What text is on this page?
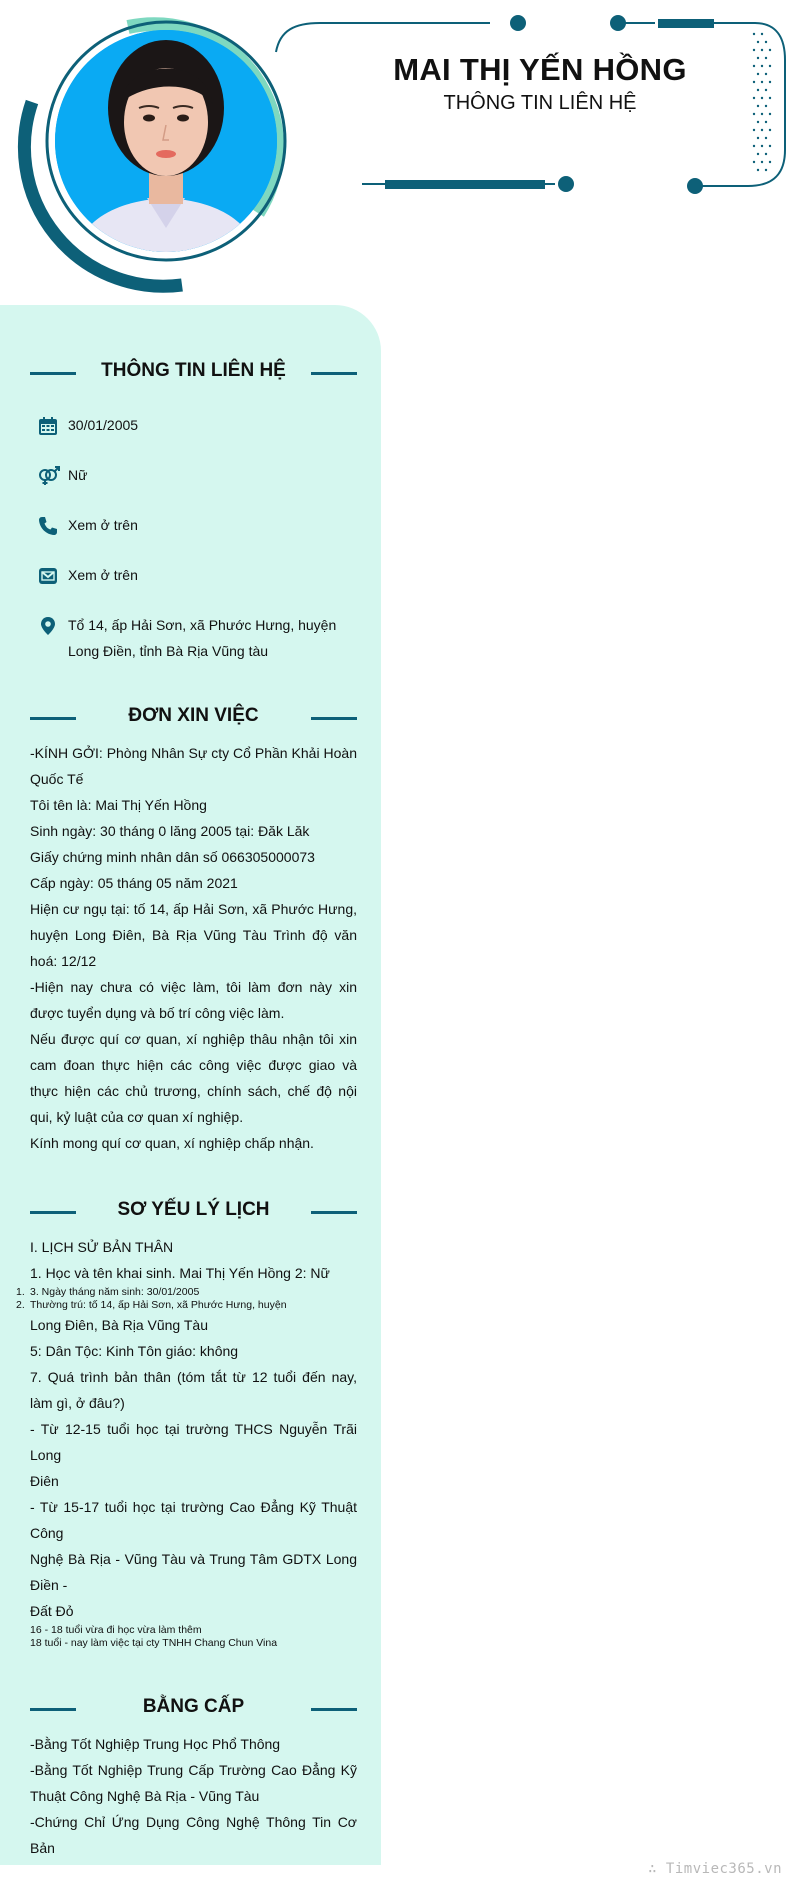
MAI THỊ YẾN HỒNG
THÔNG TIN LIÊN HỆ
THÔNG TIN LIÊN HỆ
30/01/2005
Nữ
Xem ở trên
Xem ở trên
Tổ 14, ấp Hải Sơn, xã Phước Hưng, huyện Long Điền, tỉnh Bà Rịa Vũng tàu
ĐƠN XIN VIỆC

-KÍNH GỞI: Phòng Nhân Sự cty Cổ Phần Khải Hoàn Quốc Tế

Tôi tên là: Mai Thị Yến Hồng

Sinh ngày: 30 tháng 0 lăng 2005 tại: Đăk Lăk

Giấy chứng minh nhân dân số 066305000073

Cấp ngày: 05 tháng 05 năm 2021

Hiện cư ngụ tại: tố 14, ấp Hải Sơn, xã Phước Hưng, huyện Long Điên, Bà Rịa Vũng Tàu Trình độ văn hoá: 12/12

-Hiện nay chưa có việc làm, tôi làm đơn này xin được tuyển dụng và bố trí công việc làm.

Nếu được quí cơ quan, xí nghiệp thâu nhận tôi xin cam đoan thực hiện các công việc được giao và thực hiện các chủ trương, chính sách, chế độ nội qui, kỷ luật của cơ quan xí nghiệp.

Kính mong quí cơ quan, xí nghiệp chấp nhận.

SƠ YẾU LÝ LỊCH

I. LỊCH SỬ BẢN THÂN

1. Học và tên khai sinh. Mai Thị Yến Hồng 2: Nữ

1. 3. Ngày tháng năm sinh: 30/01/2005
2. Thường trú: tố 14, ấp Hải Sơn, xã Phước Hưng, huyện

Long Điên, Bà Rịa Vũng Tàu

5: Dân Tộc: Kinh Tôn giáo: không

7. Quá trình bản thân (tóm tắt từ 12 tuổi đến nay, làm gì, ở đâu?)

- Từ 12-15 tuổi học tại trường THCS Nguyễn Trãi Long

Điên

- Từ 15-17 tuổi học tại trường Cao Đẳng Kỹ Thuật Công

Nghệ Bà Rịa - Vũng Tàu và Trung Tâm GDTX Long Điền -

Đất Đỏ

16 - 18 tuổi vừa đi học vừa làm thêm
18 tuổi - nay làm việc tại cty TNHH Chang Chun Vina
BẰNG CẤP

-Bằng Tốt Nghiệp Trung Học Phổ Thông

-Bằng Tốt Nghiệp Trung Cấp Trường Cao Đẳng Kỹ Thuật Công Nghệ Bà Rịa - Vũng Tàu

-Chứng Chỉ Ứng Dụng Công Nghệ Thông Tin Cơ Bản

∴ Timviec365.vn
